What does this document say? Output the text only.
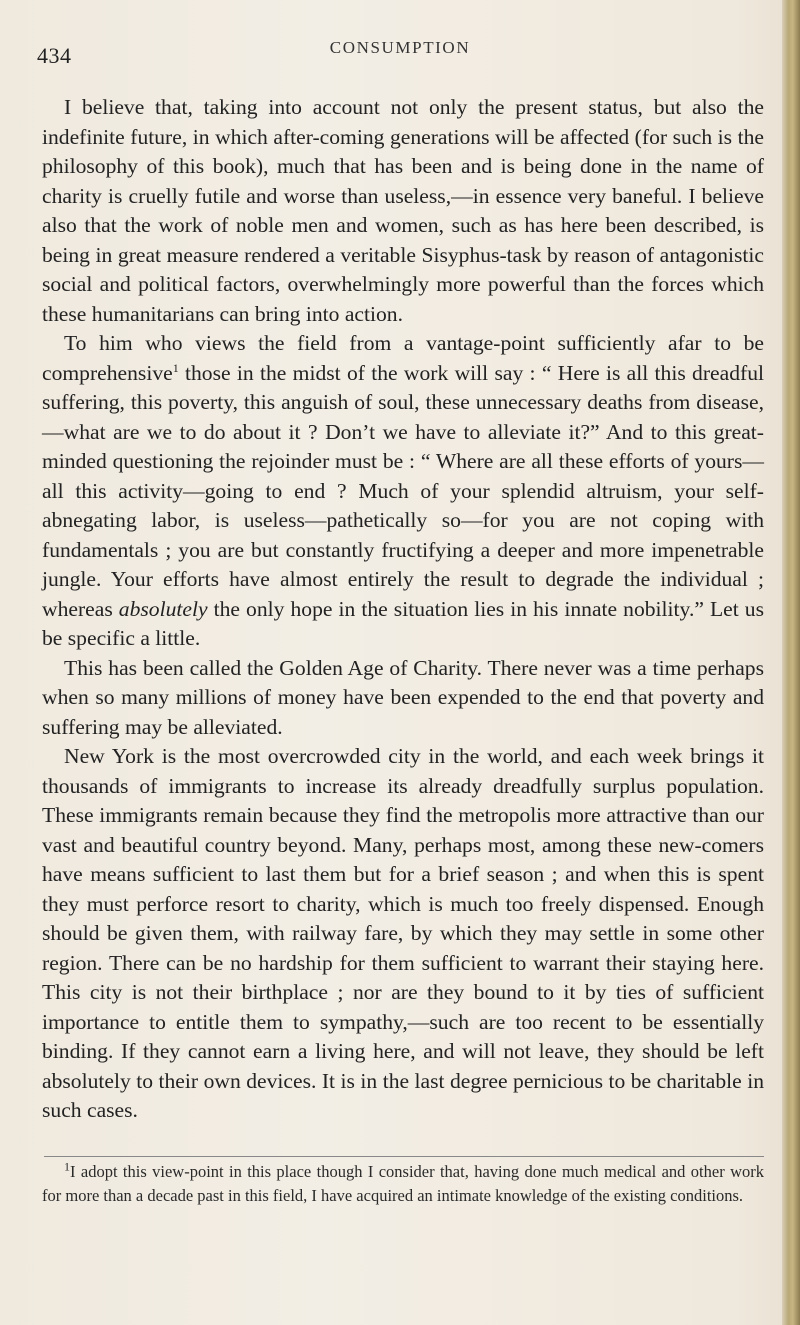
434	CONSUMPTION

I believe that, taking into account not only the present status, but also the indefinite future, in which after-coming generations will be affected (for such is the philosophy of this book), much that has been and is being done in the name of charity is cruelly futile and worse than useless,—in essence very baneful. I believe also that the work of noble men and women, such as has here been described, is being in great measure rendered a veritable Sisyphus-task by reason of antagonistic social and political factors, overwhelmingly more powerful than the forces which these humanitarians can bring into action.

To him who views the field from a vantage-point sufficiently afar to be comprehensive$^1$ those in the midst of the work will say : “ Here is all this dreadful suffering, this poverty, this anguish of soul, these unnecessary deaths from disease,—what are we to do about it ? Don’t we have to alleviate it?” And to this great-minded questioning the rejoinder must be : “ Where are all these efforts of yours—all this activity—going to end ? Much of your splendid altruism, your self-abnegating labor, is useless—pathetically so—for you are not coping with fundamentals ; you are but constantly fructifying a deeper and more impenetrable jungle. Your efforts have almost entirely the result to degrade the individual ; whereas absolutely the only hope in the situation lies in his innate nobility.” Let us be specific a little.

This has been called the Golden Age of Charity. There never was a time perhaps when so many millions of money have been expended to the end that poverty and suffering may be alleviated.

New York is the most overcrowded city in the world, and each week brings it thousands of immigrants to increase its already dreadfully surplus population. These immigrants remain because they find the metropolis more attractive than our vast and beautiful country beyond. Many, perhaps most, among these new-comers have means sufficient to last them but for a brief season ; and when this is spent they must perforce resort to charity, which is much too freely dispensed. Enough should be given them, with railway fare, by which they may settle in some other region. There can be no hardship for them sufficient to warrant their staying here. This city is not their birthplace ; nor are they bound to it by ties of sufficient importance to entitle them to sympathy,—such are too recent to be essentially binding. If they cannot earn a living here, and will not leave, they should be left absolutely to their own devices. It is in the last degree pernicious to be charitable in such cases.

$^1$I adopt this view-point in this place though I consider that, having done much medical and other work for more than a decade past in this field, I have acquired an intimate knowledge of the existing conditions.
